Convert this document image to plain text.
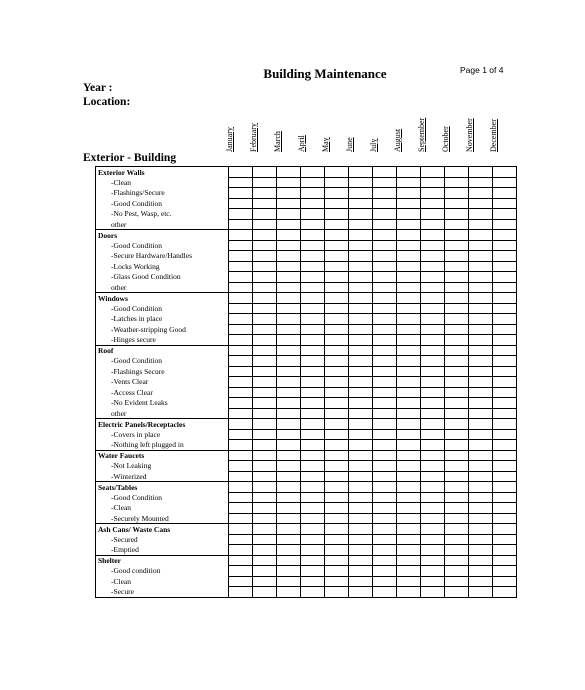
Page 1 of 4
Building Maintenance
Year :
Location:
Exterior - Building
January February March April May June July August September October November December
Exterior Walls												
-Clean												
-Flashings/Secure												
-Good Condition												
-No Pest, Wasp, etc.												
other												
Doors												
-Good Condition												
-Secure Hardware/Handles												
-Locks Working												
-Glass Good Condition												
other												
Windows												
-Good Condition												
-Latches in place												
-Weather-stripping Good												
-Hinges secure												
Roof												
-Good Condition												
-Flashings Secure												
-Vents Clear												
-Access Clear												
-No Evident Leaks												
other												
Electric Panels/Receptacles												
-Covers in place												
-Nothing left plugged in												
Water Faucets												
-Not Leaking												
-Winterized												
Seats/Tables												
-Good Condition												
-Clean												
-Securely Mounted												
Ash Cans/ Waste Cans												
-Secured												
-Emptied												
Shelter												
-Good condition												
-Clean												
-Secure												
